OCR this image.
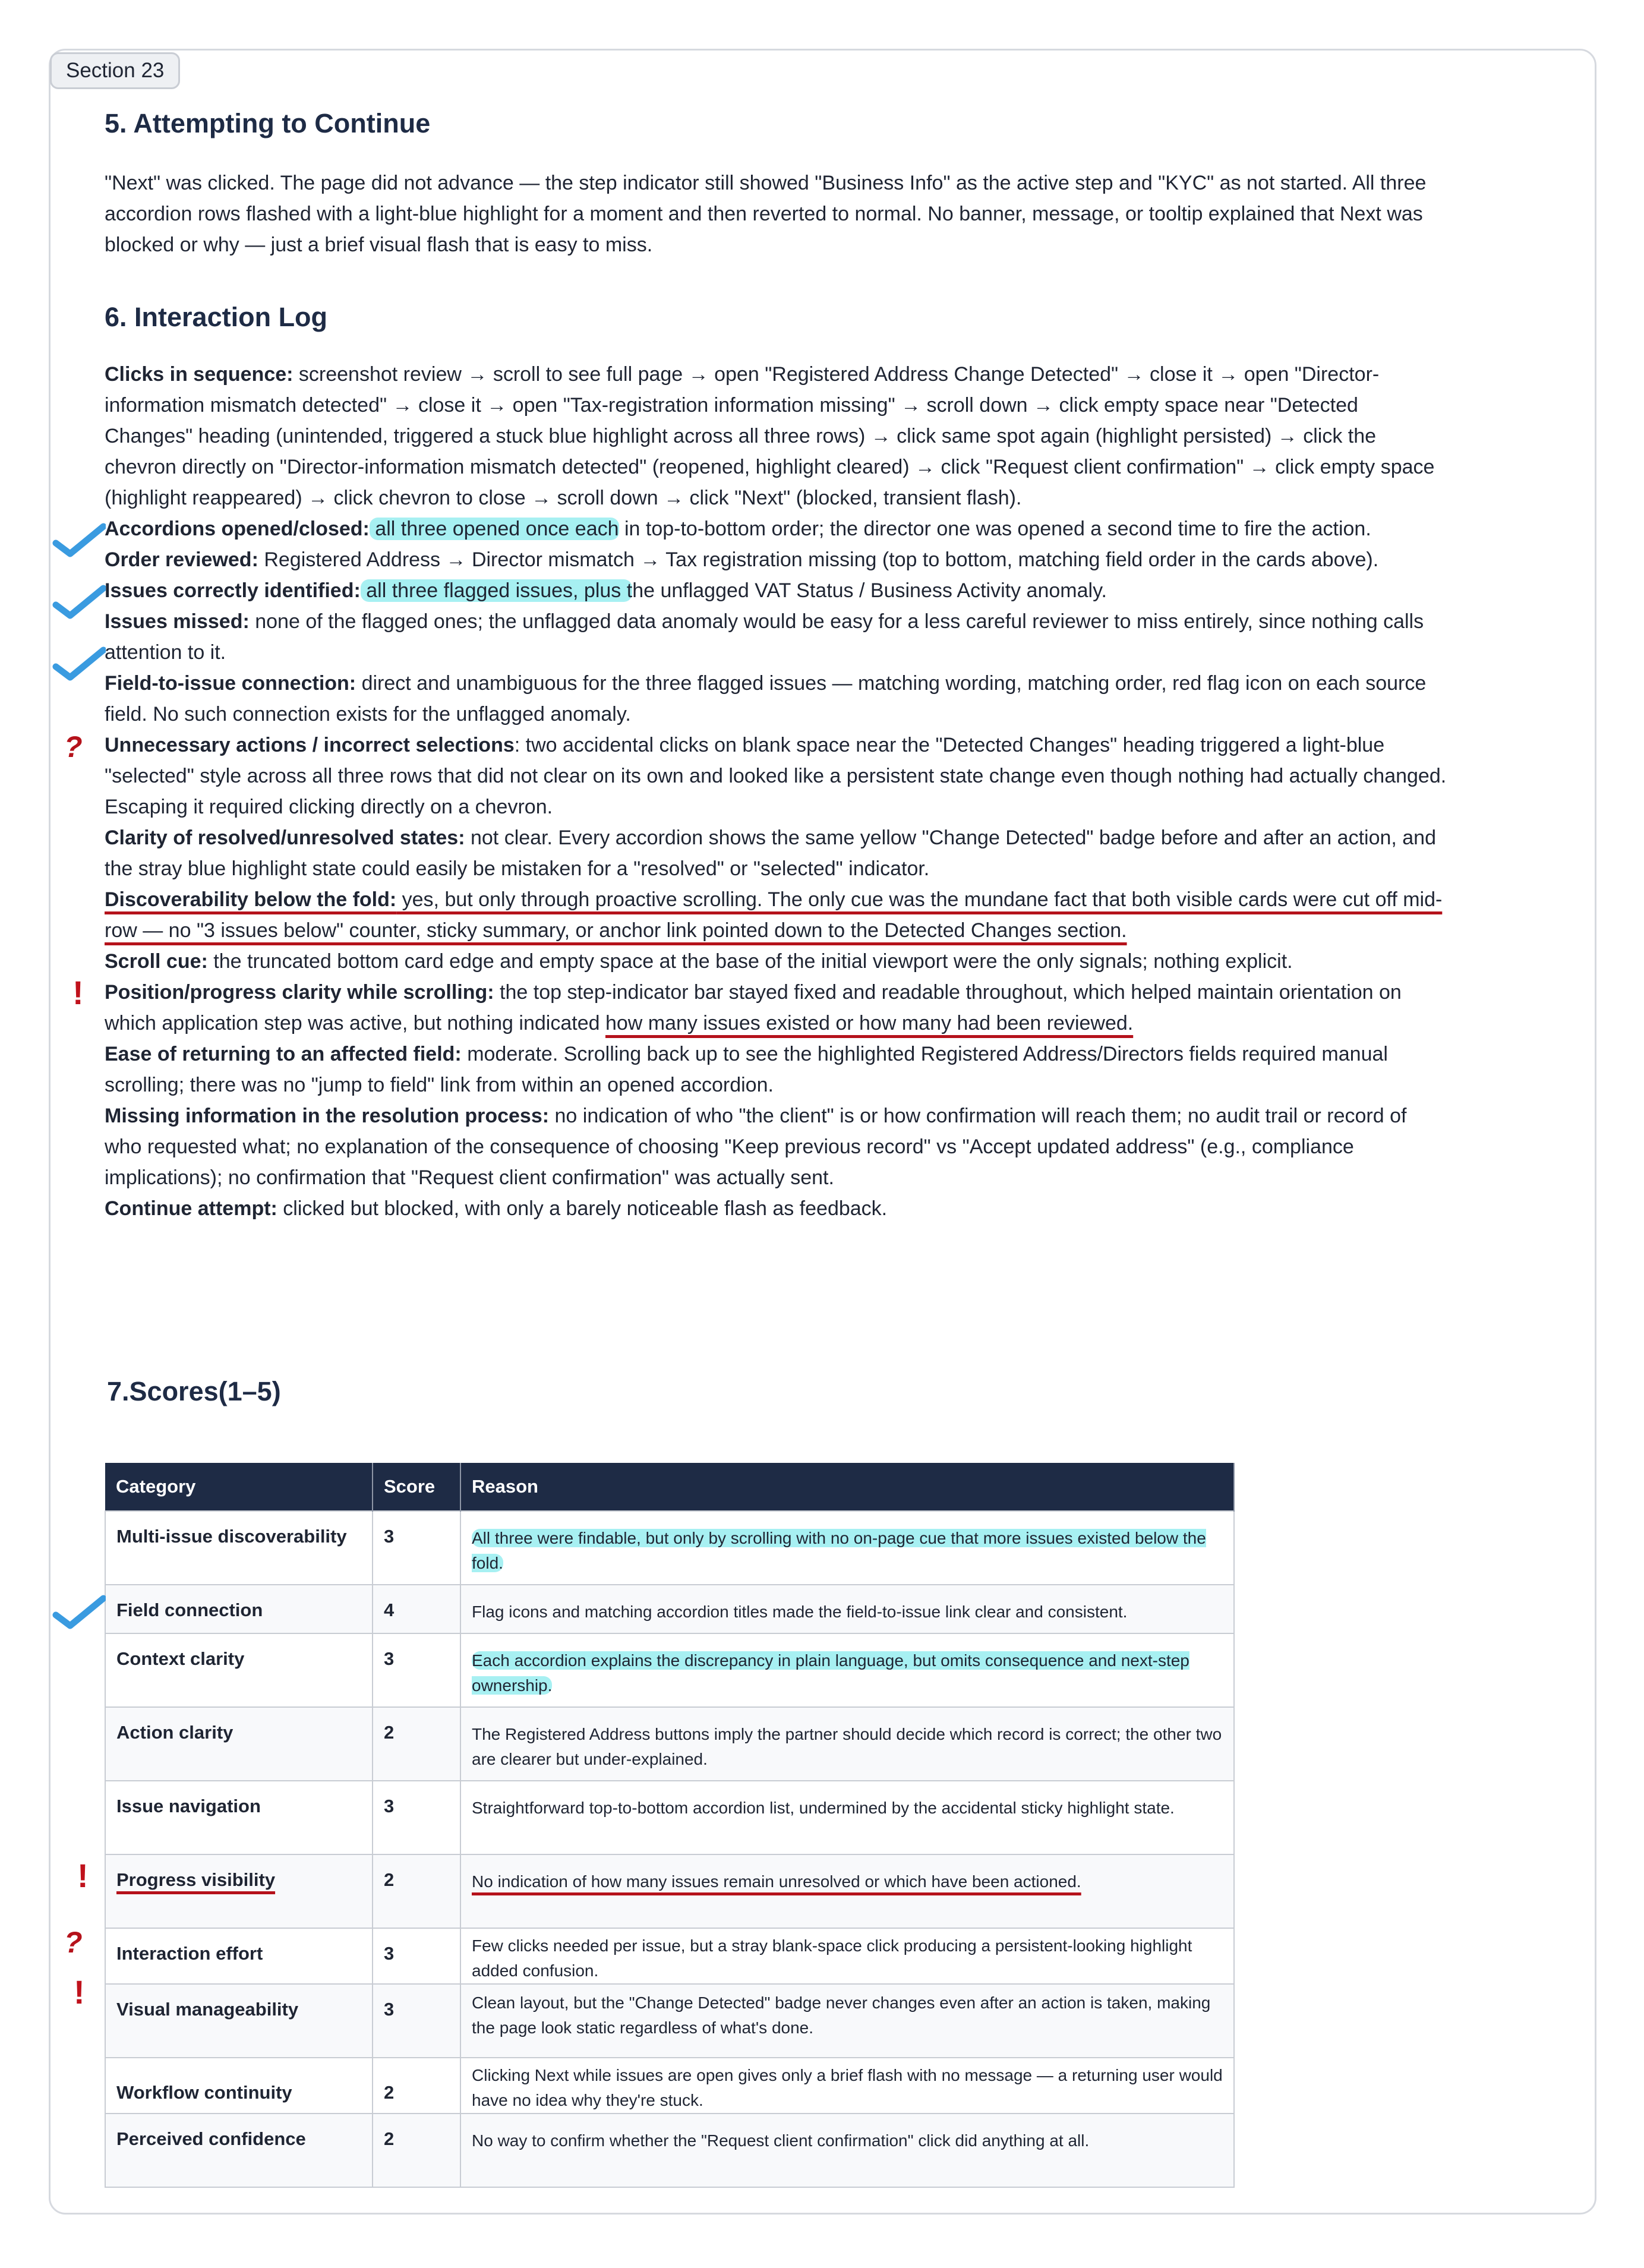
Section 23
5. Attempting to Continue

"Next" was clicked. The page did not advance — the step indicator still showed "Business Info" as the active step and "KYC" as not started. All three accordion rows flashed with a light-blue highlight for a moment and then reverted to normal. No banner, message, or tooltip explained that Next was blocked or why — just a brief visual flash that is easy to miss.

6. Interaction Log

Clicks in sequence: screenshot review → scroll to see full page → open "Registered Address Change Detected" → close it → open "Director-information mismatch detected" → close it → open "Tax-registration information missing" → scroll down → click empty space near "Detected Changes" heading (unintended, triggered a stuck blue highlight across all three rows) → click same spot again (highlight persisted) → click the chevron directly on "Director-information mismatch detected" (reopened, highlight cleared) → click "Request client confirmation" → click empty space (highlight reappeared) → click chevron to close → scroll down → click "Next" (blocked, transient flash).

Accordions opened/closed: all three opened once each in top-to-bottom order; the director one was opened a second time to fire the action.

Order reviewed: Registered Address → Director mismatch → Tax registration missing (top to bottom, matching field order in the cards above).

Issues correctly identified: all three flagged issues, plus the unflagged VAT Status / Business Activity anomaly.

Issues missed: none of the flagged ones; the unflagged data anomaly would be easy for a less careful reviewer to miss entirely, since nothing calls attention to it.

Field-to-issue connection: direct and unambiguous for the three flagged issues — matching wording, matching order, red flag icon on each source field. No such connection exists for the unflagged anomaly.

Unnecessary actions / incorrect selections: two accidental clicks on blank space near the "Detected Changes" heading triggered a light-blue "selected" style across all three rows that did not clear on its own and looked like a persistent state change even though nothing had actually changed. Escaping it required clicking directly on a chevron.

Clarity of resolved/unresolved states: not clear. Every accordion shows the same yellow "Change Detected" badge before and after an action, and the stray blue highlight state could easily be mistaken for a "resolved" or "selected" indicator.

Discoverability below the fold: yes, but only through proactive scrolling. The only cue was the mundane fact that both visible cards were cut off mid-row — no "3 issues below" counter, sticky summary, or anchor link pointed down to the Detected Changes section.

Scroll cue: the truncated bottom card edge and empty space at the base of the initial viewport were the only signals; nothing explicit.

Position/progress clarity while scrolling: the top step-indicator bar stayed fixed and readable throughout, which helped maintain orientation on which application step was active, but nothing indicated how many issues existed or how many had been reviewed.

Ease of returning to an affected field: moderate. Scrolling back up to see the highlighted Registered Address/Directors fields required manual scrolling; there was no "jump to field" link from within an opened accordion.

Missing information in the resolution process: no indication of who "the client" is or how confirmation will reach them; no audit trail or record of who requested what; no explanation of the consequence of choosing "Keep previous record" vs "Accept updated address" (e.g., compliance implications); no confirmation that "Request client confirmation" was actually sent.

Continue attempt: clicked but blocked, with only a barely noticeable flash as feedback.

?
!
7.Scores(1–5)
Category	Score	Reason
Multi-issue discoverability	3	All three were findable, but only by scrolling with no on-page cue that more issues existed below the fold.
Field connection	4	Flag icons and matching accordion titles made the field-to-issue link clear and consistent.
Context clarity	3	Each accordion explains the discrepancy in plain language, but omits consequence and next-step ownership.
Action clarity	2	The Registered Address buttons imply the partner should decide which record is correct; the other two are clearer but under-explained.
Issue navigation	3	Straightforward top-to-bottom accordion list, undermined by the accidental sticky highlight state.
Progress visibility	2	No indication of how many issues remain unresolved or which have been actioned.
Interaction effort	3	Few clicks needed per issue, but a stray blank-space click producing a persistent-looking highlight added confusion.
Visual manageability	3	Clean layout, but the "Change Detected" badge never changes even after an action is taken, making the page look static regardless of what's done.
Workflow continuity	2	Clicking Next while issues are open gives only a brief flash with no message — a returning user would have no idea why they're stuck.
Perceived confidence	2	No way to confirm whether the "Request client confirmation" click did anything at all.
!
?
!
